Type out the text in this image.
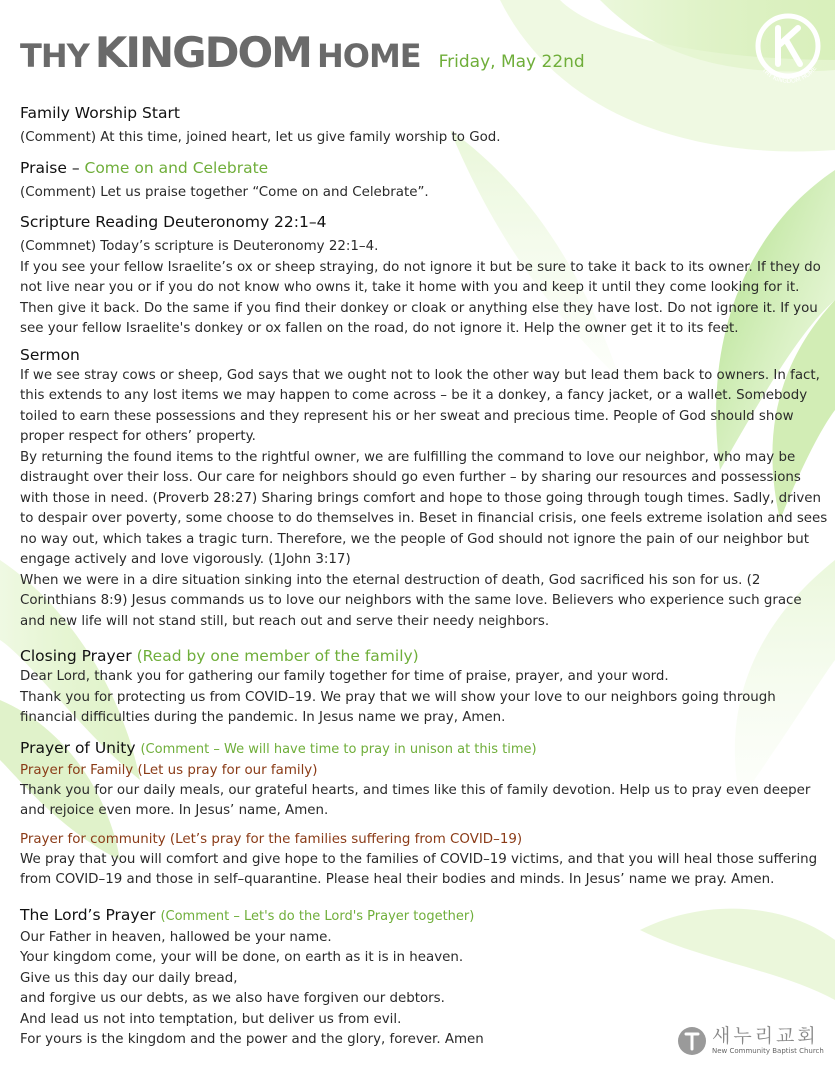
THY KINGDOM HOME Friday, May 22nd	THY KINGDOM HOME
Family Worship Start

(Comment) At this time, joined heart, let us give family worship to God.

Praise – Come on and Celebrate

(Comment) Let us praise together “Come on and Celebrate”.

Scripture Reading Deuteronomy 22:1–4

(Commnet) Today’s scripture is Deuteronomy 22:1–4.

If you see your fellow Israelite’s ox or sheep straying, do not ignore it but be sure to take it back to its owner. If they do not live near you or if you do not know who owns it, take it home with you and keep it until they come looking for it. Then give it back. Do the same if you find their donkey or cloak or anything else they have lost. Do not ignore it. If you see your fellow Israelite's donkey or ox fallen on the road, do not ignore it. Help the owner get it to its feet.

Sermon

If we see stray cows or sheep, God says that we ought not to look the other way but lead them back to owners. In fact, this extends to any lost items we may happen to come across – be it a donkey, a fancy jacket, or a wallet. Somebody toiled to earn these possessions and they represent his or her sweat and precious time. People of God should show proper respect for others’ property.

By returning the found items to the rightful owner, we are fulfilling the command to love our neighbor, who may be distraught over their loss. Our care for neighbors should go even further – by sharing our resources and possessions with those in need. (Proverb 28:27) Sharing brings comfort and hope to those going through tough times. Sadly, driven to despair over poverty, some choose to do themselves in. Beset in financial crisis, one feels extreme isolation and sees no way out, which takes a tragic turn. Therefore, we the people of God should not ignore the pain of our neighbor but engage actively and love vigorously. (1John 3:17)

When we were in a dire situation sinking into the eternal destruction of death, God sacrificed his son for us. (2 Corinthians 8:9) Jesus commands us to love our neighbors with the same love. Believers who experience such grace and new life will not stand still, but reach out and serve their needy neighbors.

Closing Prayer (Read by one member of the family)

Dear Lord, thank you for gathering our family together for time of praise, prayer, and your word.

Thank you for protecting us from COVID–19. We pray that we will show your love to our neighbors going through financial difficulties during the pandemic. In Jesus name we pray, Amen.

Prayer of Unity (Comment – We will have time to pray in unison at this time)
Prayer for Family (Let us pray for our family)

Thank you for our daily meals, our grateful hearts, and times like this of family devotion. Help us to pray even deeper and rejoice even more. In Jesus’ name, Amen.

Prayer for community (Let’s pray for the families suffering from COVID–19)

We pray that you will comfort and give hope to the families of COVID–19 victims, and that you will heal those suffering from COVID–19 and those in self–quarantine. Please heal their bodies and minds. In Jesus’ name we pray. Amen.

The Lord’s Prayer (Comment – Let's do the Lord's Prayer together)

Our Father in heaven, hallowed be your name.

Your kingdom come, your will be done, on earth as it is in heaven.

Give us this day our daily bread,

and forgive us our debts, as we also have forgiven our debtors.

And lead us not into temptation, but deliver us from evil.

For yours is the kingdom and the power and the glory, forever. Amen	새누리교회
New Community Baptist Church
